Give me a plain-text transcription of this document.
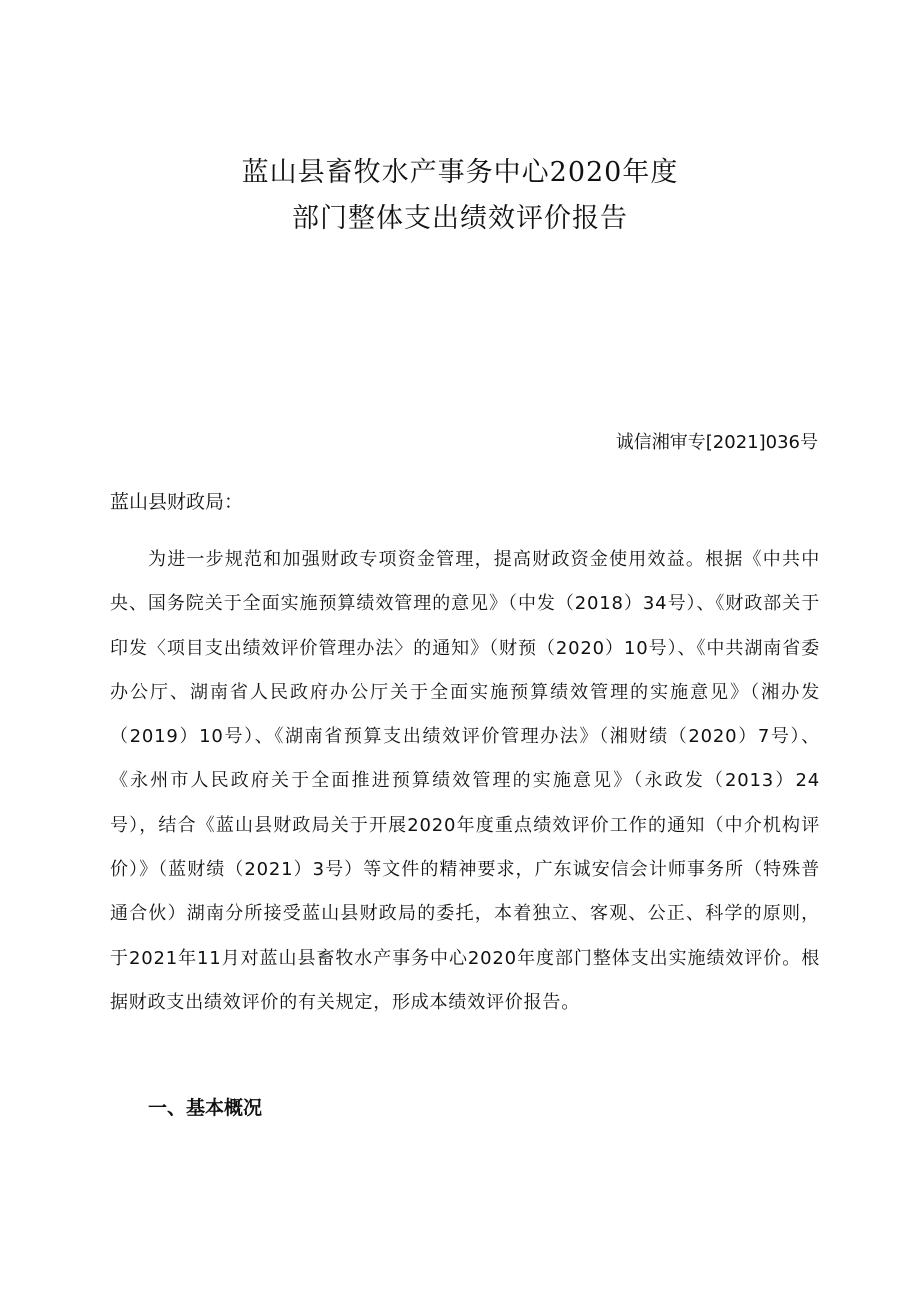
蓝山县畜牧水产事务中心2020年度
部门整体支出绩效评价报告
诚信湘审专[2021]036号
蓝山县财政局：

为进一步规范和加强财政专项资金管理，提高财政资金使用效益。根据《中共中央、国务院关于全面实施预算绩效管理的意见》（中发（2018）34号）、《财政部关于印发〈项目支出绩效评价管理办法〉的通知》（财预（2020）10号）、《中共湖南省委办公厅、湖南省人民政府办公厅关于全面实施预算绩效管理的实施意见》（湘办发（2019）10号）、《湖南省预算支出绩效评价管理办法》（湘财绩（2020）7号）、《永州市人民政府关于全面推进预算绩效管理的实施意见》（永政发（2013）24号），结合《蓝山县财政局关于开展2020年度重点绩效评价工作的通知（中介机构评价）》（蓝财绩（2021）3号）等文件的精神要求，广东诚安信会计师事务所（特殊普通合伙）湖南分所接受蓝山县财政局的委托，本着独立、客观、公正、科学的原则，于2021年11月对蓝山县畜牧水产事务中心2020年度部门整体支出实施绩效评价。根据财政支出绩效评价的有关规定，形成本绩效评价报告。

一、基本概况
